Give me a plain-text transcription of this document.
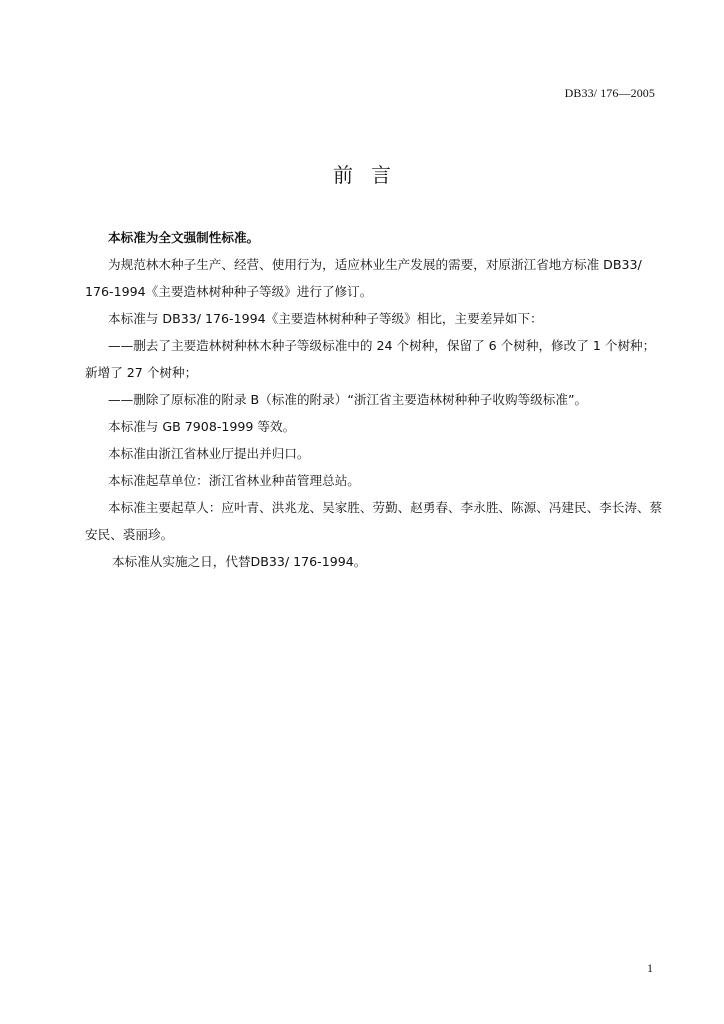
DB33/ 176—2005
前言

本标准为全文强制性标准。

为规范林木种子生产、经营、使用行为，适应林业生产发展的需要，对原浙江省地方标准 DB33/ 176-1994《主要造林树种种子等级》进行了修订。

本标准与 DB33/ 176-1994《主要造林树种种子等级》相比，主要差异如下：

——删去了主要造林树种林木种子等级标准中的 24 个树种，保留了 6 个树种，修改了 1 个树种；新增了 27 个树种；

——删除了原标准的附录 B（标准的附录）“浙江省主要造林树种种子收购等级标准”。

本标准与 GB 7908-1999 等效。

本标准由浙江省林业厅提出并归口。

本标准起草单位：浙江省林业种苗管理总站。

本标准主要起草人：应叶青、洪兆龙、吴家胜、劳勤、赵勇春、李永胜、陈源、冯建民、李长涛、蔡安民、裘丽珍。

本标准从实施之日，代替DB33/ 176-1994。

1
